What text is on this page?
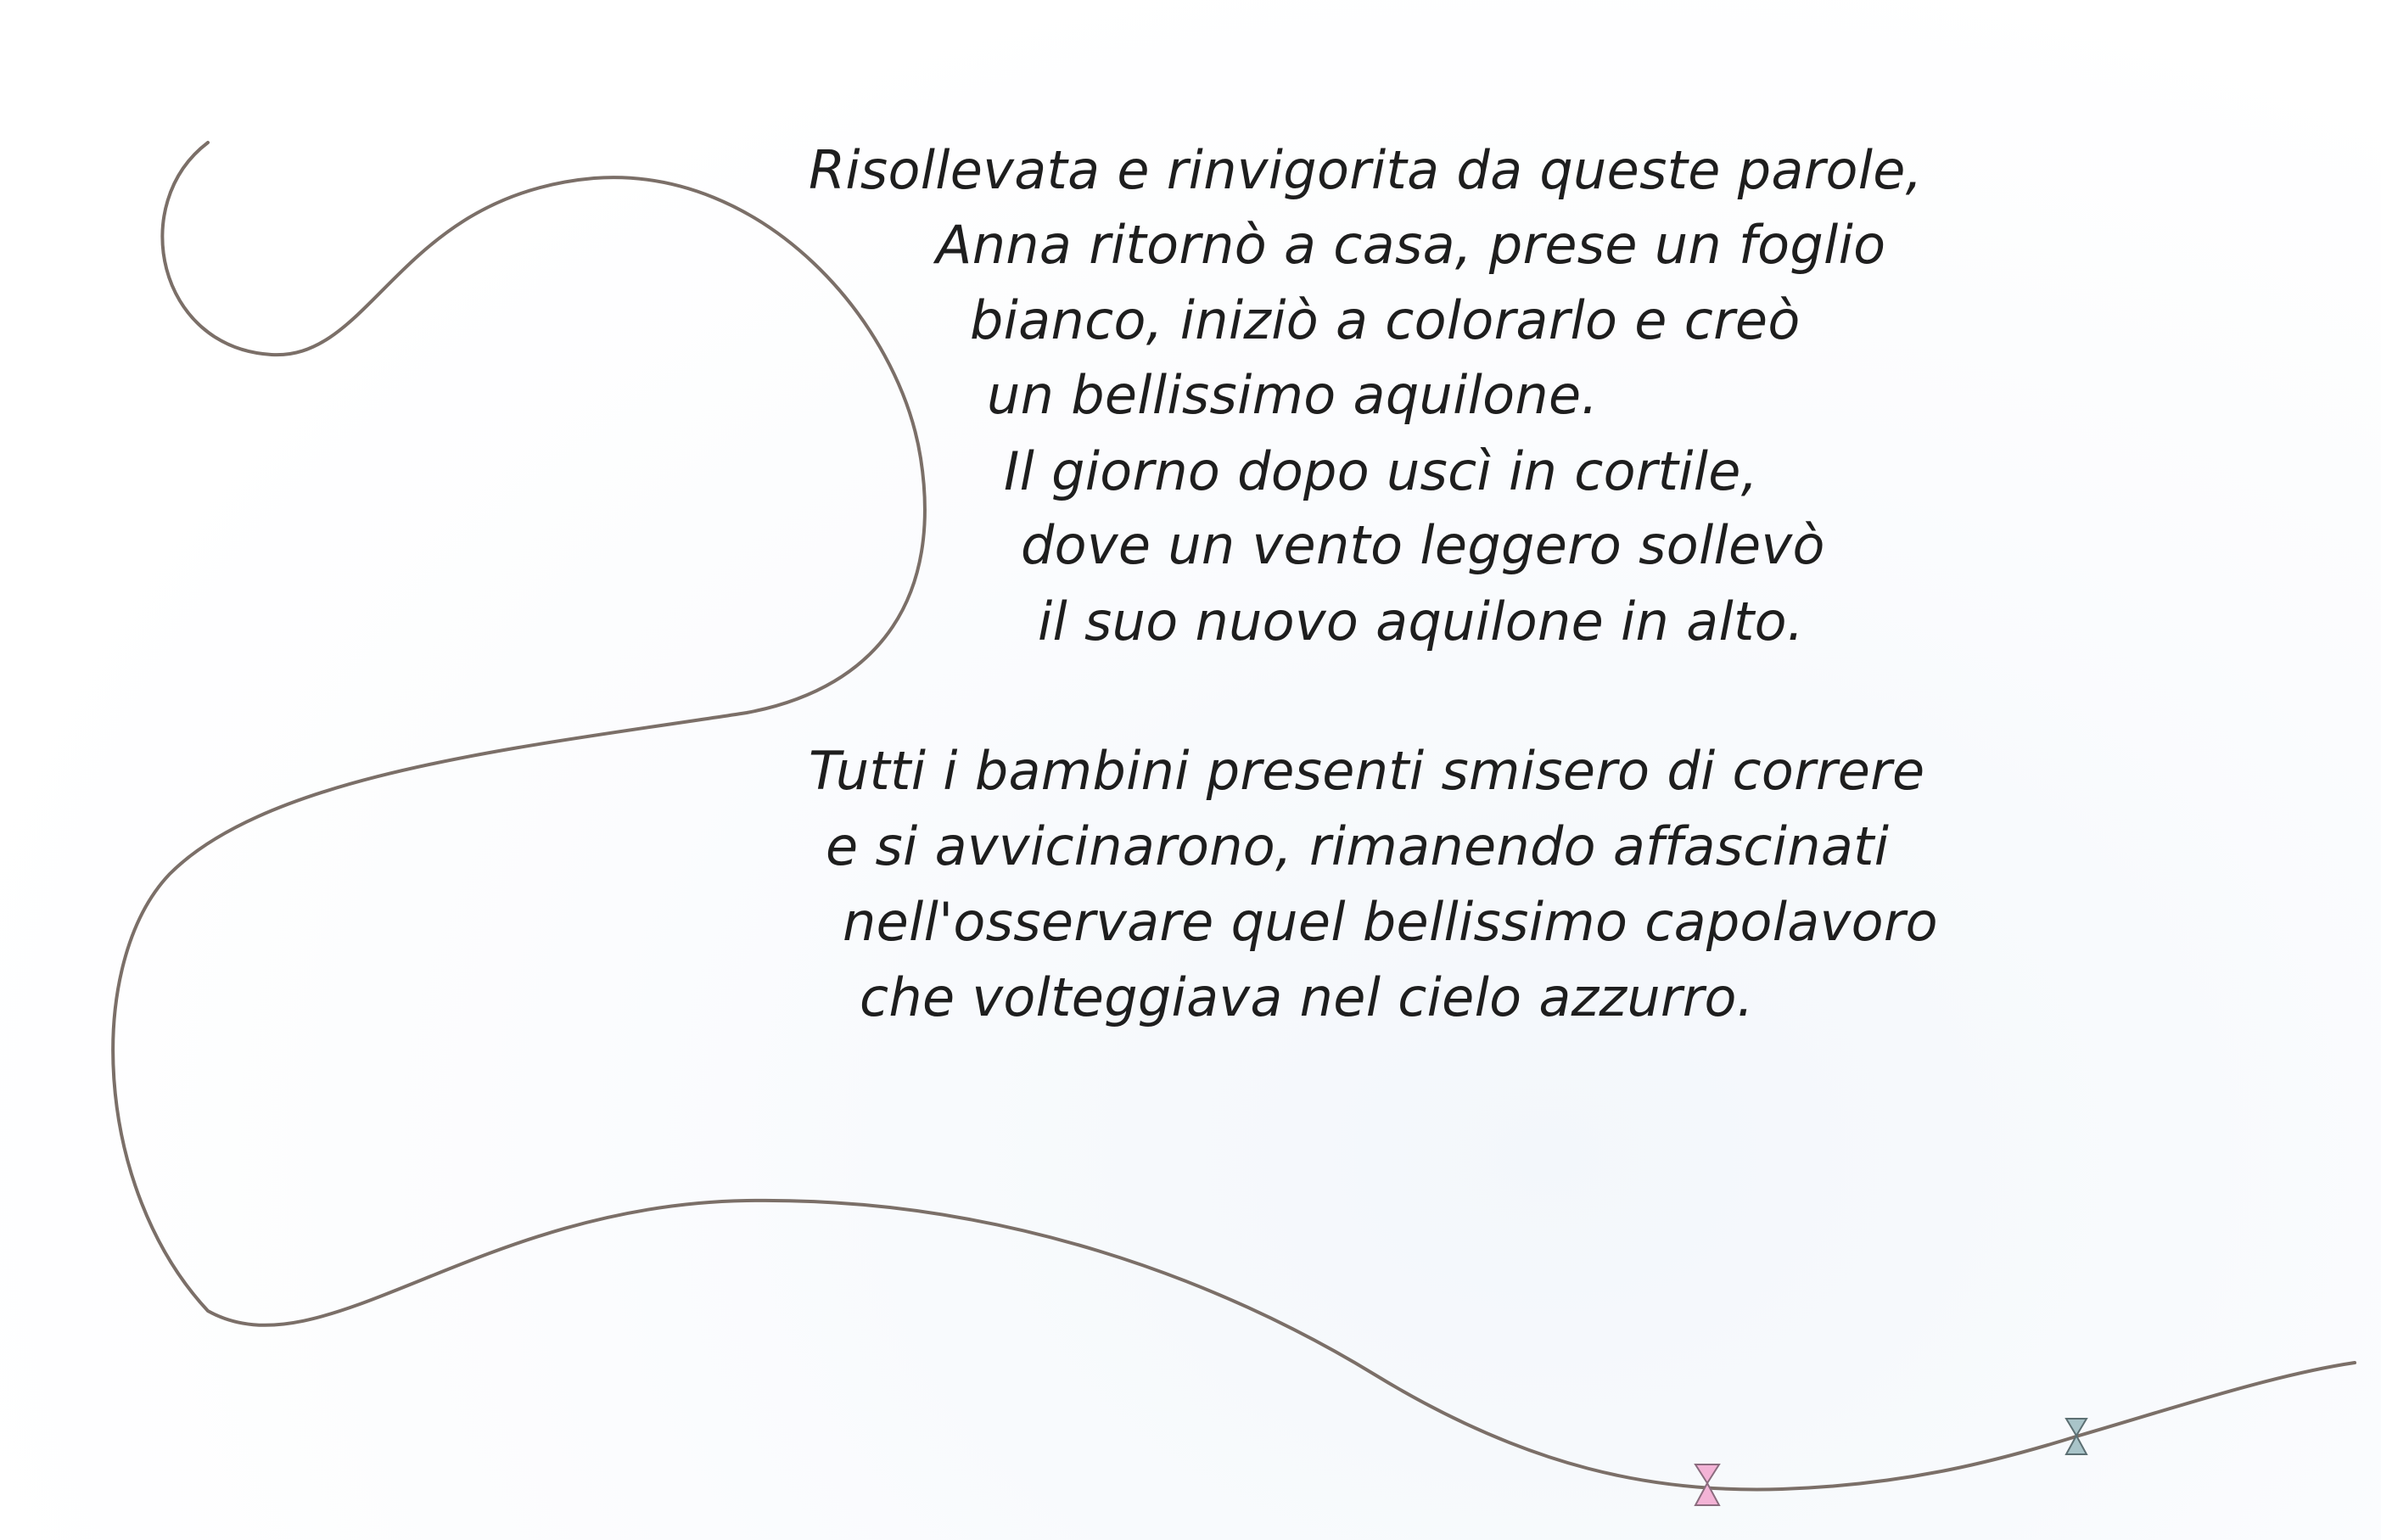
Risollevata e rinvigorita da queste parole,
Anna ritornò a casa, prese un foglio
bianco, iniziò a colorarlo e creò
un bellissimo aquilone.
Il giorno dopo uscì in cortile,
dove un vento leggero sollevò
il suo nuovo aquilone in alto.
Tutti i bambini presenti smisero di correre
e si avvicinarono, rimanendo affascinati
nell'osservare quel bellissimo capolavoro
che volteggiava nel cielo azzurro.
